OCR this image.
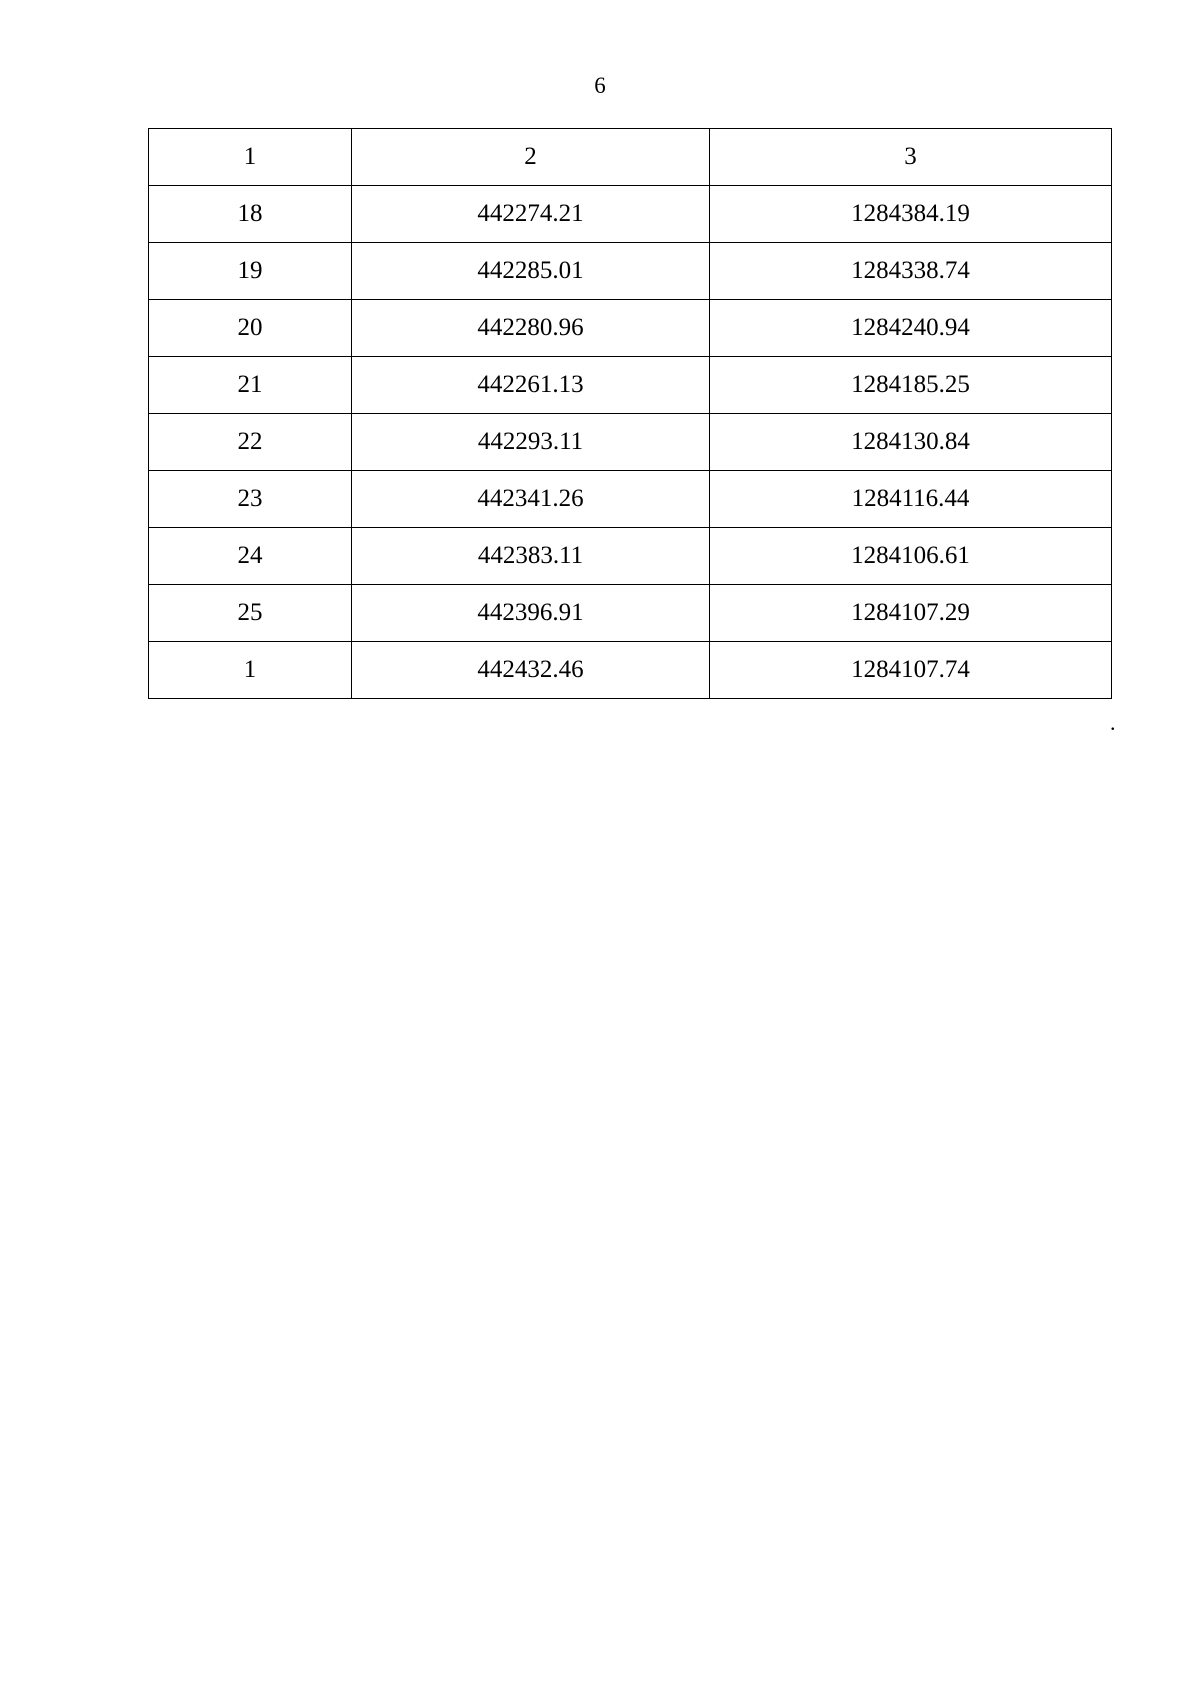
6
1	2	3
18	442274.21	1284384.19
19	442285.01	1284338.74
20	442280.96	1284240.94
21	442261.13	1284185.25
22	442293.11	1284130.84
23	442341.26	1284116.44
24	442383.11	1284106.61
25	442396.91	1284107.29
1	442432.46	1284107.74
.
